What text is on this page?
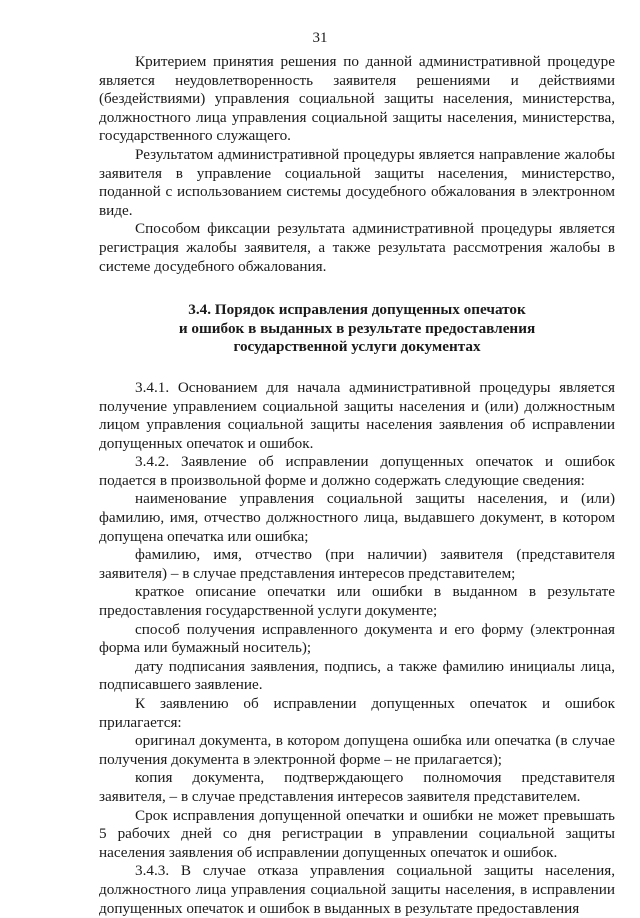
31

Критерием принятия решения по данной административной процедуре является неудовлетворенность заявителя решениями и действиями (бездействиями) управления социальной защиты населения, министерства, должностного лица управления социальной защиты населения, министерства, государственного служащего.

Результатом административной процедуры является направление жалобы заявителя в управление социальной защиты населения, министерство, поданной с использованием системы досудебного обжалования в электронном виде.

Способом фиксации результата административной процедуры является регистрация жалобы заявителя, а также результата рассмотрения жалобы в системе досудебного обжалования.

3.4. Порядок исправления допущенных опечаток
и ошибок в выданных в результате предоставления
государственной услуги документах

3.4.1. Основанием для начала административной процедуры является получение управлением социальной защиты населения и (или) должностным лицом управления социальной защиты населения заявления об исправлении допущенных опечаток и ошибок.

3.4.2. Заявление об исправлении допущенных опечаток и ошибок подается в произвольной форме и должно содержать следующие сведения:

наименование управления социальной защиты населения, и (или) фамилию, имя, отчество должностного лица, выдавшего документ, в котором допущена опечатка или ошибка;

фамилию, имя, отчество (при наличии) заявителя (представителя заявителя) – в случае представления интересов представителем;

краткое описание опечатки или ошибки в выданном в результате предоставления государственной услуги документе;

способ получения исправленного документа и его форму (электронная форма или бумажный носитель);

дату подписания заявления, подпись, а также фамилию инициалы лица, подписавшего заявление.

К заявлению об исправлении допущенных опечаток и ошибок прилагается:

оригинал документа, в котором допущена ошибка или опечатка (в случае получения документа в электронной форме – не прилагается);

копия документа, подтверждающего полномочия представителя заявителя, – в случае представления интересов заявителя представителем.

Срок исправления допущенной опечатки и ошибки не может превышать 5 рабочих дней со дня регистрации в управлении социальной защиты населения заявления об исправлении допущенных опечаток и ошибок.

3.4.3. В случае отказа управления социальной защиты населения, должностного лица управления социальной защиты населения, в исправлении допущенных опечаток и ошибок в выданных в результате предоставления
